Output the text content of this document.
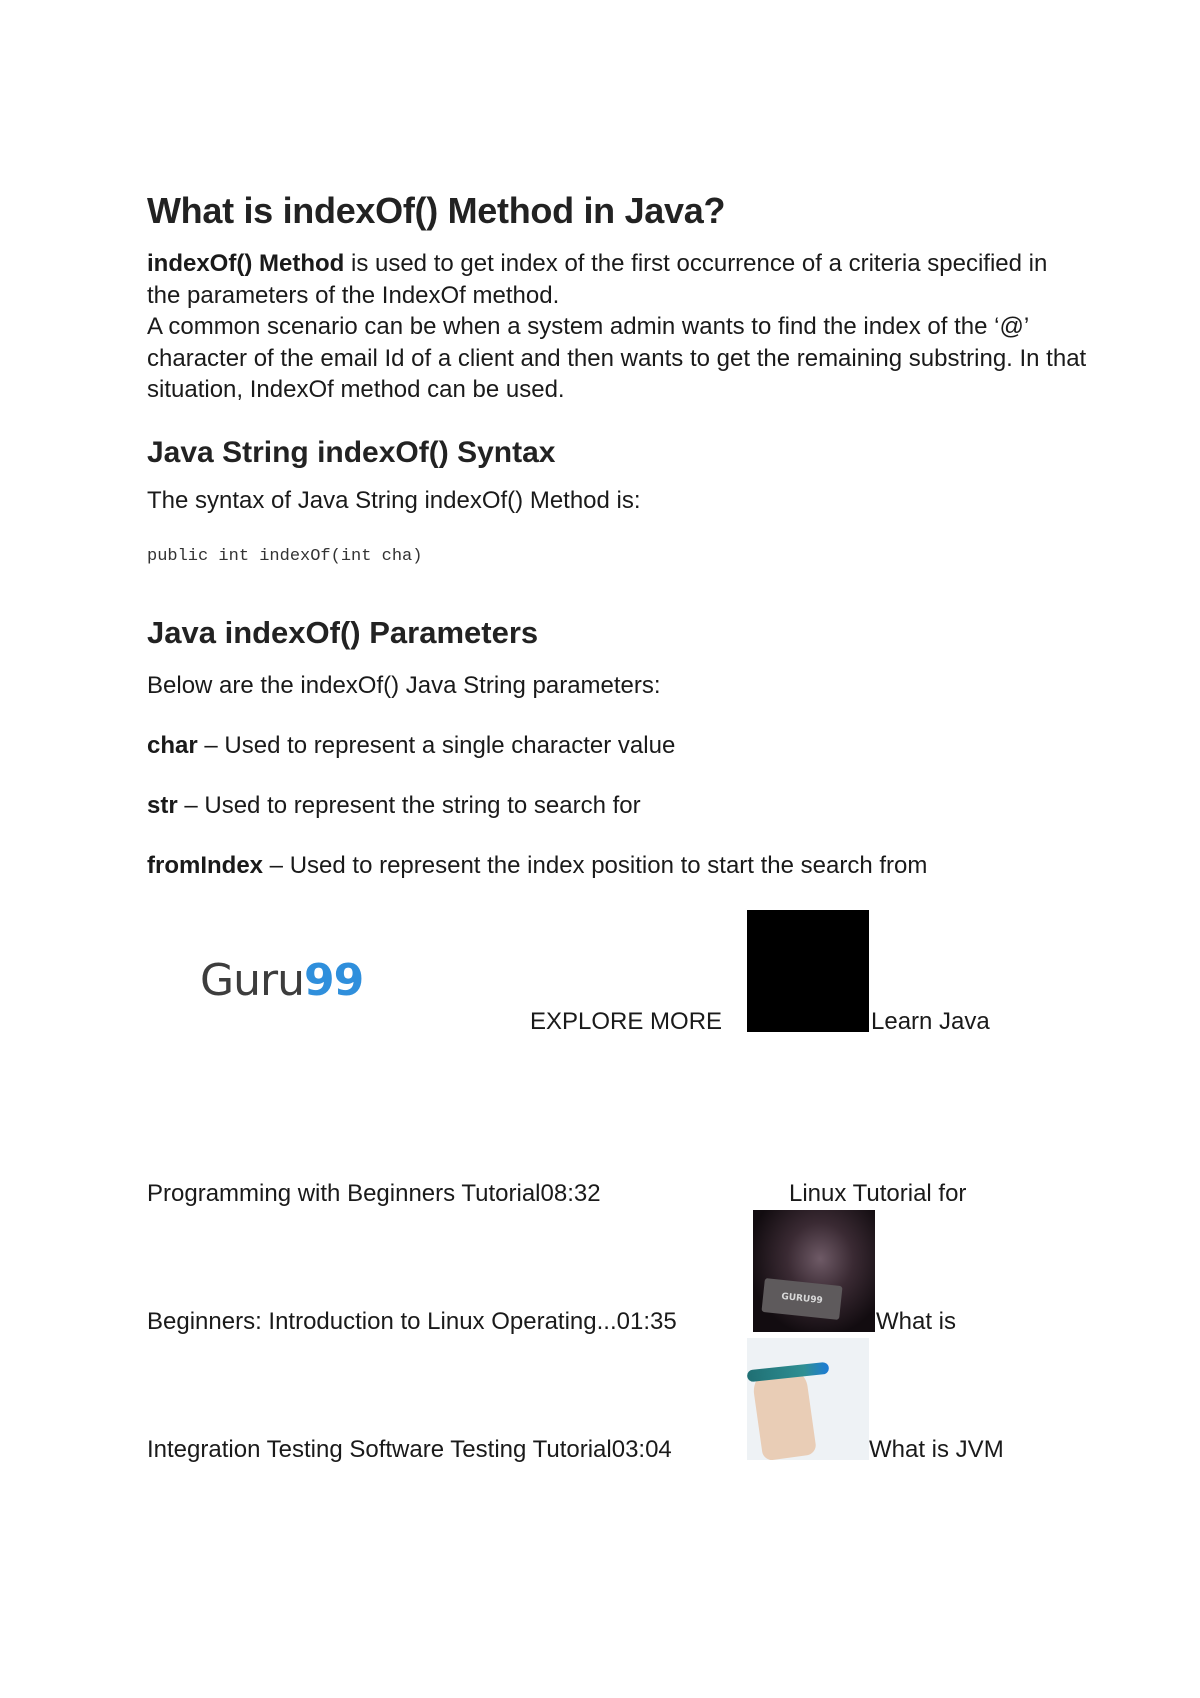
What is indexOf() Method in Java?

indexOf() Method is used to get index of the first occurrence of a criteria specified in the parameters of the IndexOf method.

A common scenario can be when a system admin wants to find the index of the ‘@’ character of the email Id of a client and then wants to get the remaining substring. In that situation, IndexOf method can be used.

Java String indexOf() Syntax
The syntax of Java String indexOf() Method is:
public int indexOf(int cha)
Java indexOf() Parameters
Below are the indexOf() Java String parameters:
char – Used to represent a single character value
str – Used to represent the string to search for
fromIndex – Used to represent the index position to start the search from
Guru99
EXPLORE MORE	Learn Java
Programming with Beginners Tutorial08:32	Linux Tutorial for
GURU99
Beginners: Introduction to Linux Operating...01:35	What is
Integration Testing Software Testing Tutorial03:04	What is JVM
